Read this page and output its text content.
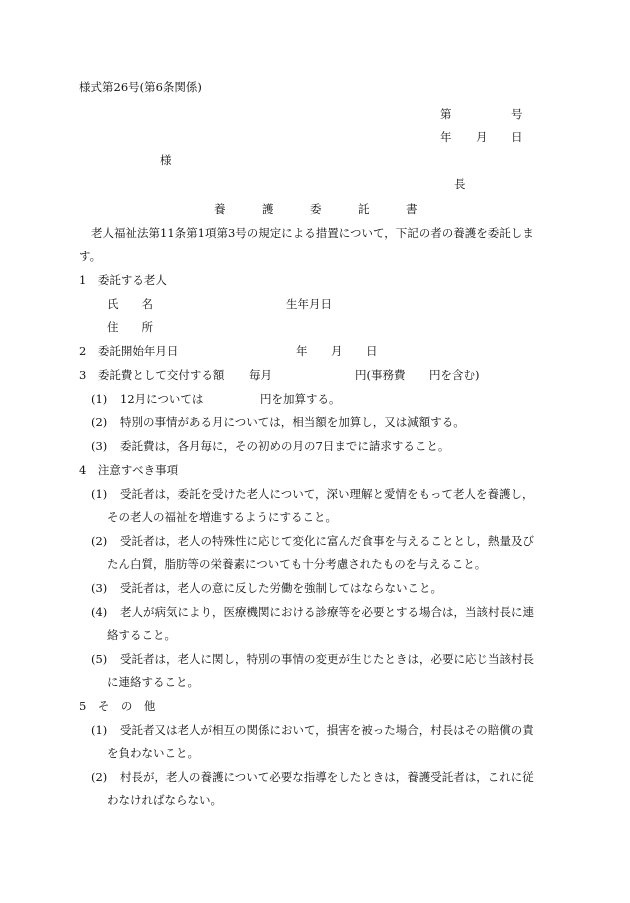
様式第26号(第6条関係)
第	号
年 月 日
様
長
養	護	委	託	書
老人福祉法第11条第1項第3号の規定による措置について，下記の者の養護を委託しま
す。
1　委託する老人
氏　　名	生年月日
住　　所
2　委託開始年月日	年 月 日
3　委託費として交付する額 毎月	円(事務費 円を含む)
(1) 12月については	円を加算する。
(2) 特別の事情がある月については，相当額を加算し，又は減額する。
(3) 委託費は，各月毎に，その初めの月の7日までに請求すること。
4　注意すべき事項
(1) 受託者は，委託を受けた老人について，深い理解と愛情をもって老人を養護し，
その老人の福祉を増進するようにすること。
(2) 受託者は，老人の特殊性に応じて変化に富んだ食事を与えることとし，熱量及び
たん白質，脂肪等の栄養素についても十分考慮されたものを与えること。
(3) 受託者は，老人の意に反した労働を強制してはならないこと。
(4) 老人が病気により，医療機関における診療等を必要とする場合は，当該村長に連
絡すること。
(5) 受託者は，老人に関し，特別の事情の変更が生じたときは，必要に応じ当該村長
に連絡すること。
5　そ　の　他
(1) 受託者又は老人が相互の関係において，損害を被った場合，村長はその賠償の責
を負わないこと。
(2) 村長が，老人の養護について必要な指導をしたときは，養護受託者は，これに従
わなければならない。
